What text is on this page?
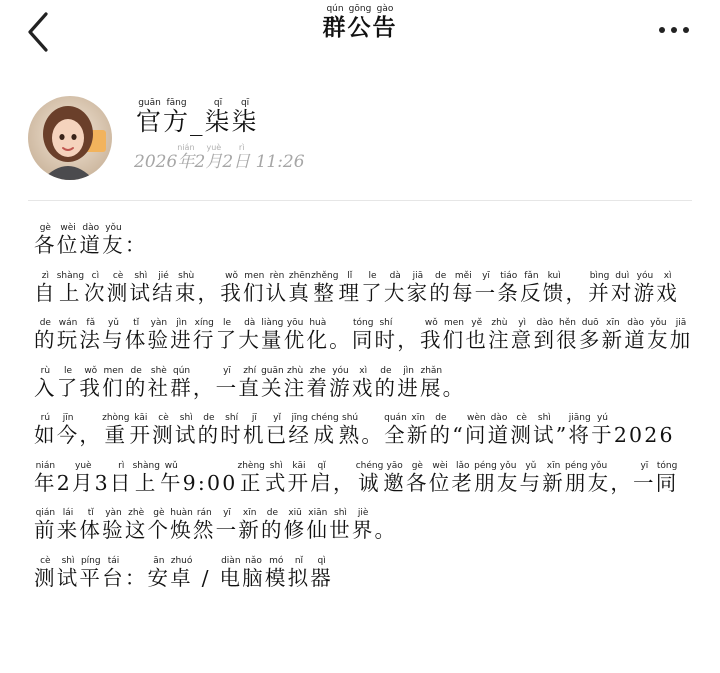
群qún公gōng告gào
官guān方fāng_柒qī柒qī
2026年nián2月yuè2日rì 11:26

各gè位wèi道dào友yǒu：

自zì上shàng次cì测cè试shì结jié束shù，我wǒ们men认rèn真zhēn整zhěng理lǐ了le大dà家jiā的de每měi一yī条tiáo反fǎn馈kuì，并bìng对duì游yóu戏xì的de玩wán法fǎ与yǔ体tǐ验yàn进jìn行xíng了le大dà量liàng优yōu化huà。同tóng时shí，我wǒ们men也yě注zhù意yì到dào很hěn多duō新xīn道dào友yǒu加jiā入rù了le我wǒ们men的de社shè群qún，一yī直zhí关guān注zhù着zhe游yóu戏xì的de进jìn展zhǎn。

如rú今jīn，重zhòng开kāi测cè试shì的de时shí机jī已yǐ经jīng成chéng熟shú。全quán新xīn的de“问wèn道dào测cè试shì”将jiāng于yú2026年nián2月yuè3日rì上shàng午wǔ9:00正zhèng式shì开kāi启qǐ，诚chéng邀yāo各gè位wèi老lǎo朋péng友yǒu与yǔ新xīn朋péng友yǒu，一yī同tóng前qián来lái体tǐ验yàn这zhè个gè焕huàn然rán一yī新xīn的de修xiū仙xiān世shì界jiè。

测cè试shì平píng台tái：安ān卓zhuó / 电diàn脑nǎo模mó拟nǐ器qì
